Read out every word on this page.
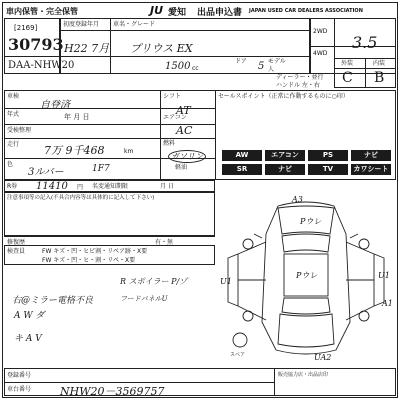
車内保管・完全保管	JU 愛知 出品申込書 JAPAN USED CAR DEALERS ASSOCIATION
[2169]
30793
初度登録年月 車名・グレード
H22 7月 プリウス EX
ドア	モデル
DAA-NHW20	1500 cc	5 人
ディーラー・並行
ハンドル 左・右
2WD
4WD
3.5
外装	内装
C B
車検
自登済
年式	年 月 日
受検整理
走行 7万 9千468	km
色
3ルバー	1F7
シフト
AT
エアコン
AC
燃料
ガソリン
軽油
セールスポイント（正常に作動するものに○印）
AW	エアコン	PS	ナビ
SR	ナビ	TV	カワシート
R券 11410 円 名変通知期限	月 日
注意事項等の記入(不具合内容等は具体的に記入して下さい)
修復歴	有・無
検査員	FW キズ・凹・ヒビ割・リペア跡・X要
FW キズ・凹・ヒ・割・リペ・X要
R スポイラー P/ゾ
右@ミラー電格不良	フードパネルU
A W ダ
キ A V
A3
Pウレ
Pウレ
U1
U1
A1
UA2
スペア
登録番号
車台番号	NHW20－3569757
販売協力店・出品店印
